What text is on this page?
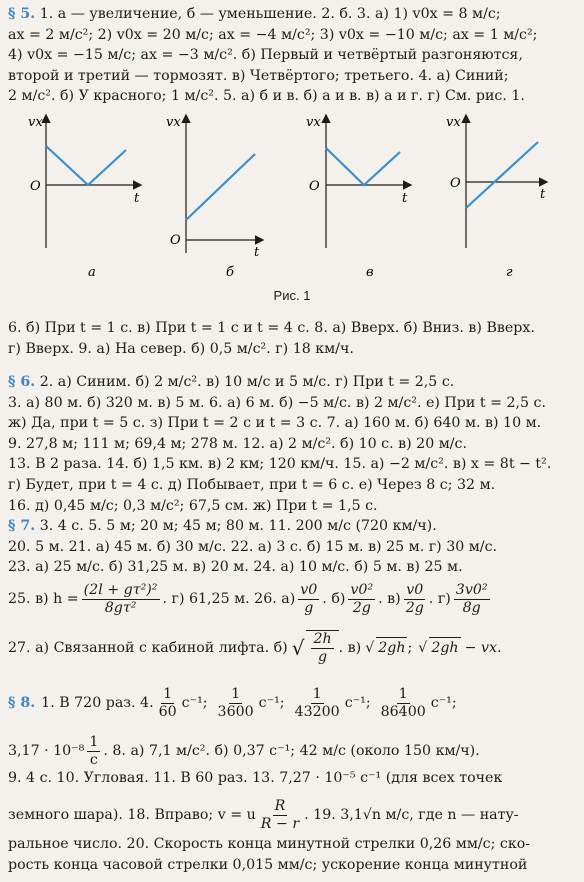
§ 5. 1. а — увеличение, б — уменьшение. 2. б. 3. а) 1) v0x = 8 м/с;
ax = 2 м/с²; 2) v0x = 20 м/с; ax = −4 м/с²; 3) v0x = −10 м/с; ax = 1 м/с²;
4) v0x = −15 м/с; ax = −3 м/с². б) Первый и четвёртый разгоняются,
второй и третий — тормозят. в) Четвёртого; третьего. 4. а) Синий;
2 м/с². б) У красного; 1 м/с². 5. а) б и в. б) а и в. в) а и г. г) См. рис. 1.
vx
O
t
vx
O
t
vx
O
t
vx
O
t
а	б	в	г
Рис. 1
6. б) При t = 1 с. в) При t = 1 с и t = 4 с. 8. а) Вверх. б) Вниз. в) Вверх.
г) Вверх. 9. а) На север. б) 0,5 м/с². г) 18 км/ч.
§ 6. 2. а) Синим. б) 2 м/с². в) 10 м/с и 5 м/с. г) При t = 2,5 с.
3. а) 80 м. б) 320 м. в) 5 м. 6. а) 6 м. б) −5 м/с. в) 2 м/с². е) При t = 2,5 с.
ж) Да, при t = 5 с. з) При t = 2 с и t = 3 с. 7. а) 160 м. б) 640 м. в) 10 м.
9. 27,8 м; 111 м; 69,4 м; 278 м. 12. а) 2 м/с². б) 10 с. в) 20 м/с.
13. В 2 раза. 14. б) 1,5 км. в) 2 км; 120 км/ч. 15. а) −2 м/с². в) x = 8t − t².
г) Будет, при t = 4 с. д) Побывает, при t = 6 с. е) Через 8 с; 32 м.
16. д) 0,45 м/с; 0,3 м/с²; 67,5 см. ж) При t = 1,5 с.
§ 7. 3. 4 с. 5. 5 м; 20 м; 45 м; 80 м. 11. 200 м/с (720 км/ч).
20. 5 м. 21. а) 45 м. б) 30 м/с. 22. а) 3 с. б) 15 м. в) 25 м. г) 30 м/с.
23. а) 25 м/с. б) 31,25 м. в) 20 м. 24. а) 10 м/с. б) 5 м. в) 25 м.
25. в) $h = \frac{\text{(2l + gτ²)²}}{\text{8gτ²}}$ . г) 61,25 м. 26. $а) \frac{v0}{g}$ . $б) \frac{\text{v0²}}{2g}$ . $в) \frac{v0}{2g}$ . $г) \frac{\text{3v0²}}{8g}$
27. а) Связанной с кабиной лифта. б) √ $\frac{2h}{g}$ . в) √ 2gh ; √ 2gh − vx.
§ 8. 1. В 720 раз. 4. $\frac{1}{60} с^{-1}$; $\frac{1}{3600} с^{-1}$; $\frac{1}{43200} с^{-1}$; $\frac{1}{86400} с^{-1}$;
$3,17 \cdot 10^{-8} \frac{1}{с}$ . 8. а) 7,1 м/с². б) 0,37 с⁻¹; 42 м/с (около 150 км/ч).
9. 4 с. 10. Угловая. 11. В 60 раз. 13. 7,27 · 10⁻⁵ с⁻¹ (для всех точек
земного шара). 18. Вправо; v = u $\frac{R}{R - r}$ . 19. 3,1√n м/с, где n — нату-
ральное число. 20. Скорость конца минутной стрелки 0,26 мм/с; ско-
рость конца часовой стрелки 0,015 мм/с; ускорение конца минутной
